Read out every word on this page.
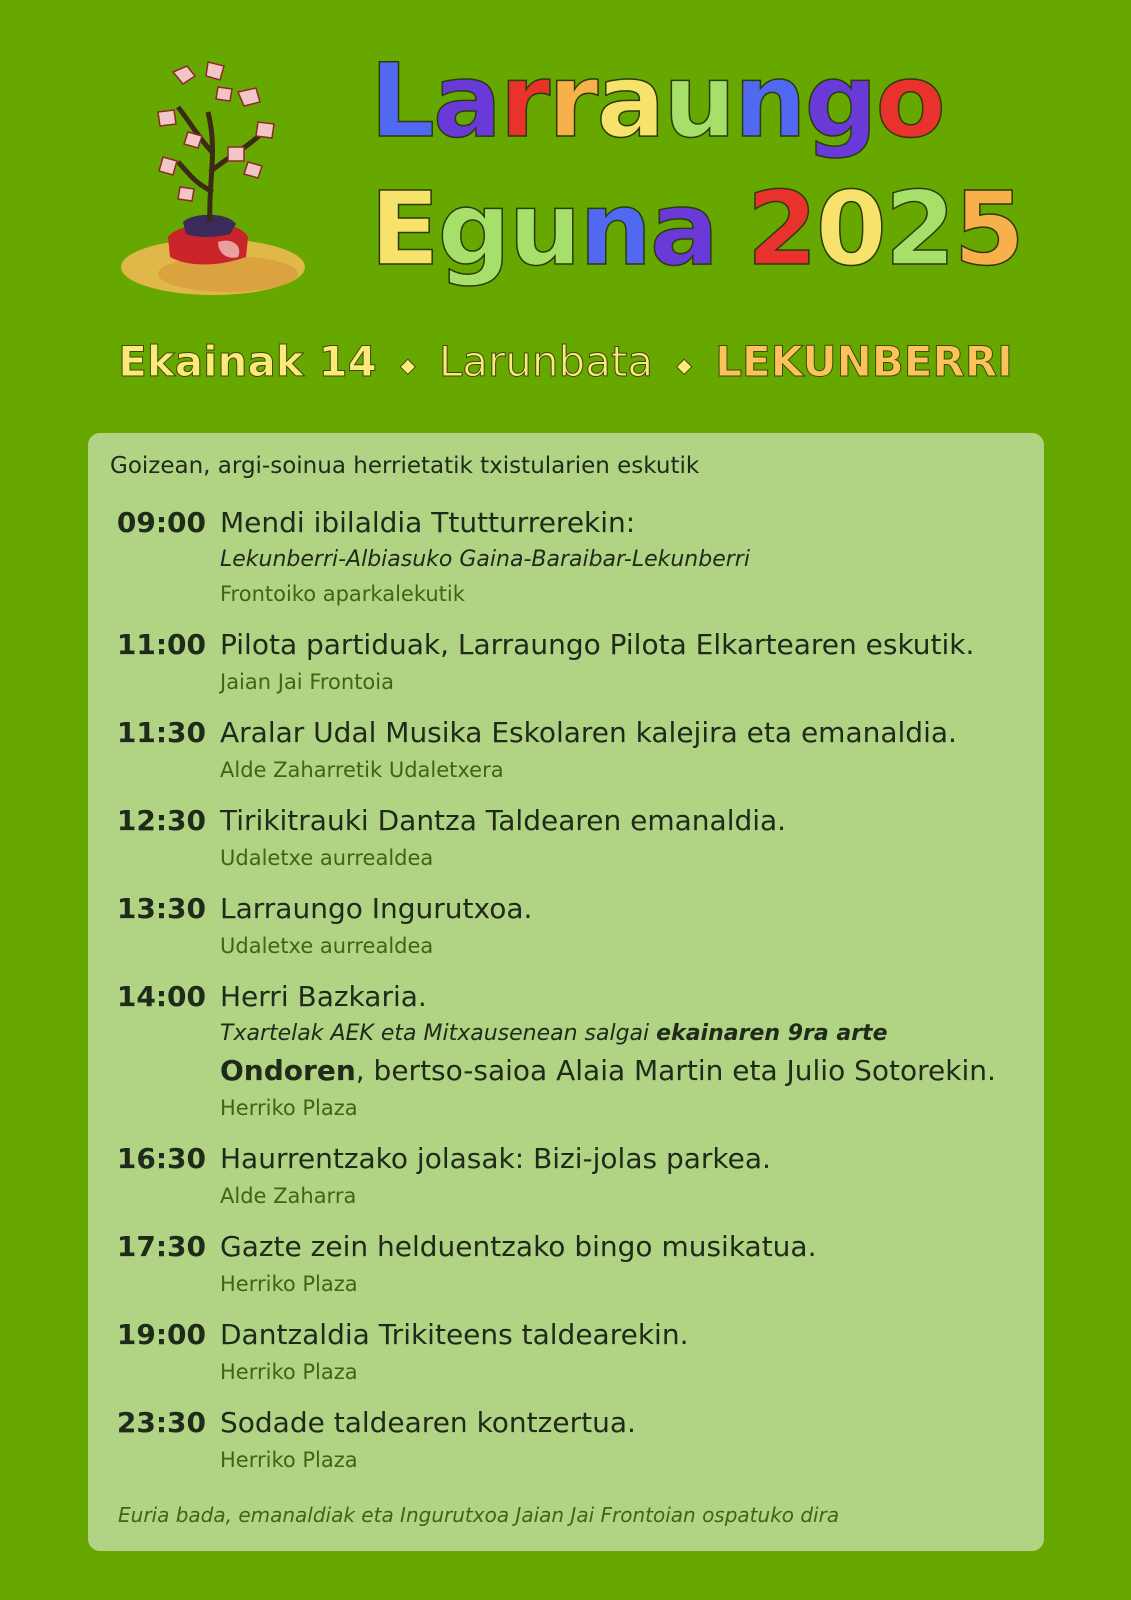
Larraungo
Eguna 2025
Ekainak 14 ◆ Larunbata ◆ LEKUNBERRI
Goizean, argi-soinua herrietatik txistularien eskutik
09:00 Mendi ibilaldia Ttutturrerekin:
Lekunberri-Albiasuko Gaina-Baraibar-Lekunberri
Frontoiko aparkalekutik
11:00 Pilota partiduak, Larraungo Pilota Elkartearen eskutik.
Jaian Jai Frontoia
11:30 Aralar Udal Musika Eskolaren kalejira eta emanaldia.
Alde Zaharretik Udaletxera
12:30 Tirikitrauki Dantza Taldearen emanaldia.
Udaletxe aurrealdea
13:30 Larraungo Ingurutxoa.
Udaletxe aurrealdea
14:00 Herri Bazkaria.
Txartelak AEK eta Mitxausenean salgai ekainaren 9ra arte
Ondoren, bertso-saioa Alaia Martin eta Julio Sotorekin.
Herriko Plaza
16:30 Haurrentzako jolasak: Bizi-jolas parkea.
Alde Zaharra
17:30 Gazte zein helduentzako bingo musikatua.
Herriko Plaza
19:00 Dantzaldia Trikiteens taldearekin.
Herriko Plaza
23:30 Sodade taldearen kontzertua.
Herriko Plaza
Euria bada, emanaldiak eta Ingurutxoa Jaian Jai Frontoian ospatuko dira
